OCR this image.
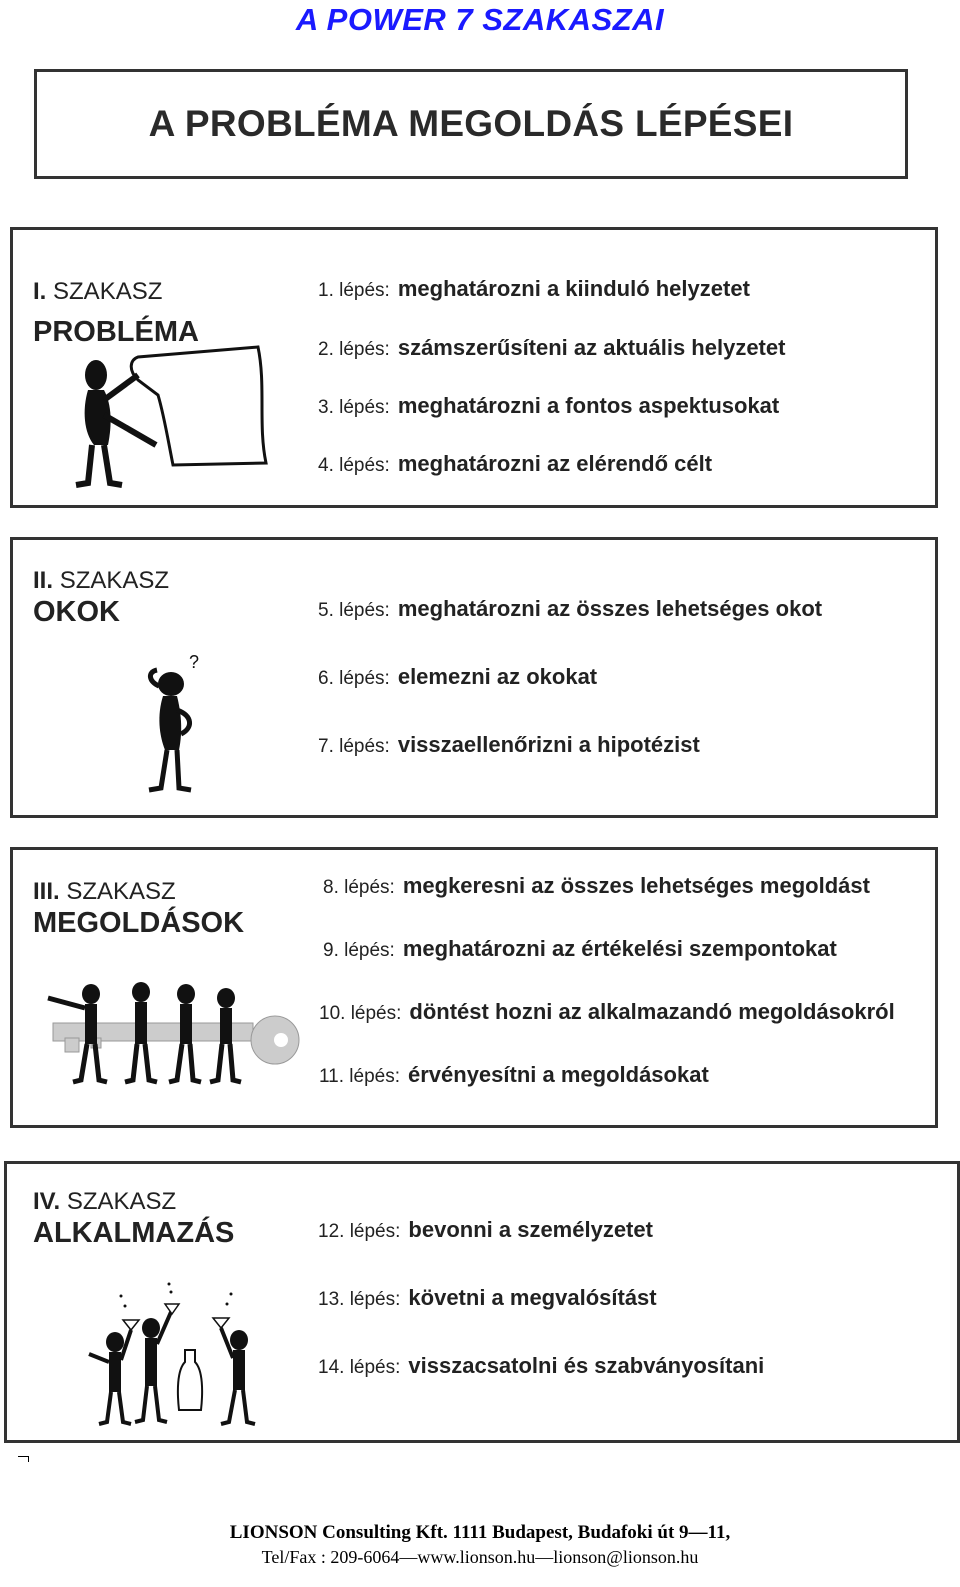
A POWER 7 SZAKASZAI
A PROBLÉMA MEGOLDÁS LÉPÉSEI
I. SZAKASZ
PROBLÉMA
1. lépés: meghatározni a kiinduló helyzetet
2. lépés: számszerűsíteni az aktuális helyzetet
3. lépés: meghatározni a fontos aspektusokat
4. lépés: meghatározni az elérendő célt
II. SZAKASZ
OKOK
?
5. lépés: meghatározni az összes lehetséges okot
6. lépés: elemezni az okokat
7. lépés: visszaellenőrizni a hipotézist
III. SZAKASZ
MEGOLDÁSOK
8. lépés: megkeresni az összes lehetséges megoldást
9. lépés: meghatározni az értékelési szempontokat
10. lépés: döntést hozni az alkalmazandó megoldásokról
11. lépés: érvényesítni a megoldásokat
IV. SZAKASZ
ALKALMAZÁS	12. lépés: bevonni a személyzetet
13. lépés: követni a megvalósítást
14. lépés: visszacsatolni és szabványosítani
LIONSON Consulting Kft. 1111 Budapest, Budafoki út 9—11,
Tel/Fax : 209-6064—www.lionson.hu—lionson@lionson.hu
